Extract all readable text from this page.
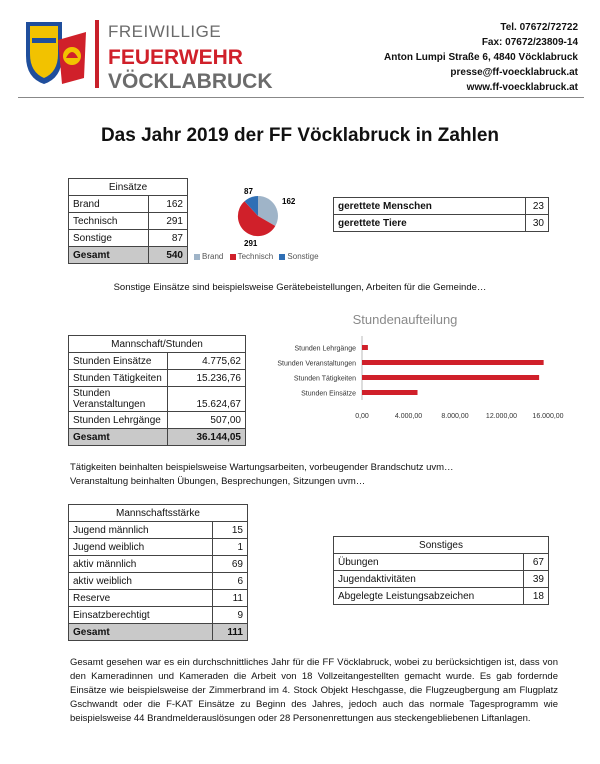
FREIWILLIGE
FEUERWEHR
VÖCKLABRUCK
Tel. 07672/72722
Fax: 07672/23809-14
Anton Lumpi Straße 6, 4840 Vöcklabruck
presse@ff-voecklabruck.at
www.ff-voecklabruck.at
Das Jahr 2019 der FF Vöcklabruck in Zahlen
Einsätze	
Brand	162
Technisch	291
Sonstige	87
Gesamt	540
87
162
291
Brand Technisch Sonstige
gerettete Menschen	23
gerettete Tiere	30
Sonstige Einsätze sind beispielsweise Gerätebeistellungen, Arbeiten für die Gemeinde…
Mannschaft/Stunden	
Stunden Einsätze	4.775,62
Stunden Tätigkeiten	15.236,76
Stunden Veranstaltungen	15.624,67
Stunden Lehrgänge	507,00
Gesamt	36.144,05
Stundenaufteilung
Stunden Lehrgänge
Stunden Veranstaltungen
Stunden Tätigkeiten
Stunden Einsätze
0,00	4.000,00	8.000,00 12.000,00 16.000,00
Tätigkeiten beinhalten beispielsweise Wartungsarbeiten, vorbeugender Brandschutz uvm…
Veranstaltung beinhalten Übungen, Besprechungen, Sitzungen uvm…
Mannschaftsstärke	
Jugend männlich	15
Jugend weiblich	1
aktiv männlich	69
aktiv weiblich	6
Reserve	11
Einsatzberechtigt	9
Gesamt	111
Sonstiges	
Übungen	67
Jugendaktivitäten	39
Abgelegte Leistungsabzeichen	18
Gesamt gesehen war es ein durchschnittliches Jahr für die FF Vöcklabruck, wobei zu berücksichtigen ist, dass von den Kameradinnen und Kameraden die Arbeit von 18 Vollzeitangestellten gemacht wurde. Es gab fordernde Einsätze wie beispielsweise der Zimmerbrand im 4. Stock Objekt Heschgasse, die Flugzeugbergung am Flugplatz Gschwandt oder die F-KAT Einsätze zu Beginn des Jahres, jedoch auch das normale Tagesprogramm wie beispielsweise 44 Brandmelderauslösungen oder 28 Personenrettungen aus steckengebliebenen Liftanlagen.
